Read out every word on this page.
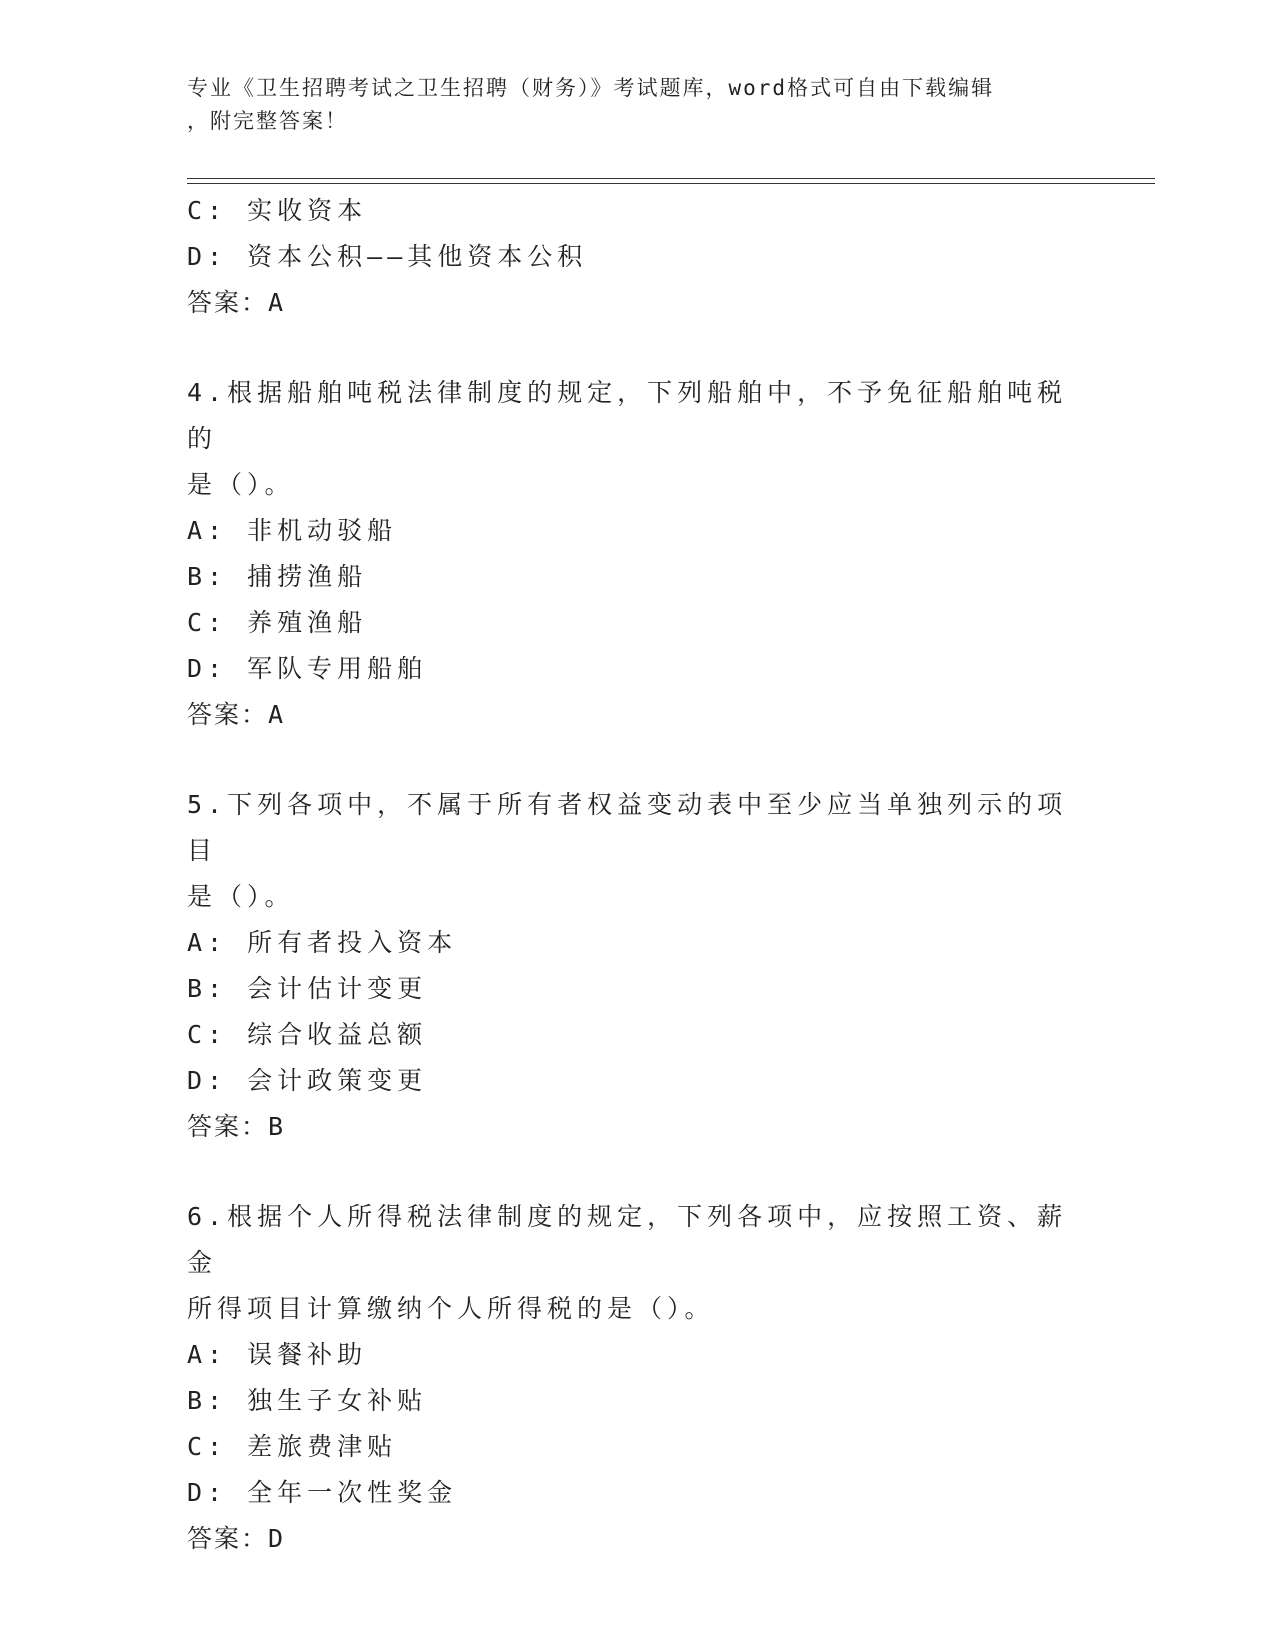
专业《卫生招聘考试之卫生招聘（财务）》考试题库，word格式可自由下载编辑
，附完整答案！
C: 实收资本
D: 资本公积——其他资本公积
答案：A
4.根据船舶吨税法律制度的规定，下列船舶中，不予免征船舶吨税的
是（）。
A: 非机动驳船
B: 捕捞渔船
C: 养殖渔船
D: 军队专用船舶
答案：A
5.下列各项中，不属于所有者权益变动表中至少应当单独列示的项目
是（）。
A: 所有者投入资本
B: 会计估计变更
C: 综合收益总额
D: 会计政策变更
答案：B
6.根据个人所得税法律制度的规定，下列各项中，应按照工资、薪金
所得项目计算缴纳个人所得税的是（）。
A: 误餐补助
B: 独生子女补贴
C: 差旅费津贴
D: 全年一次性奖金
答案：D
